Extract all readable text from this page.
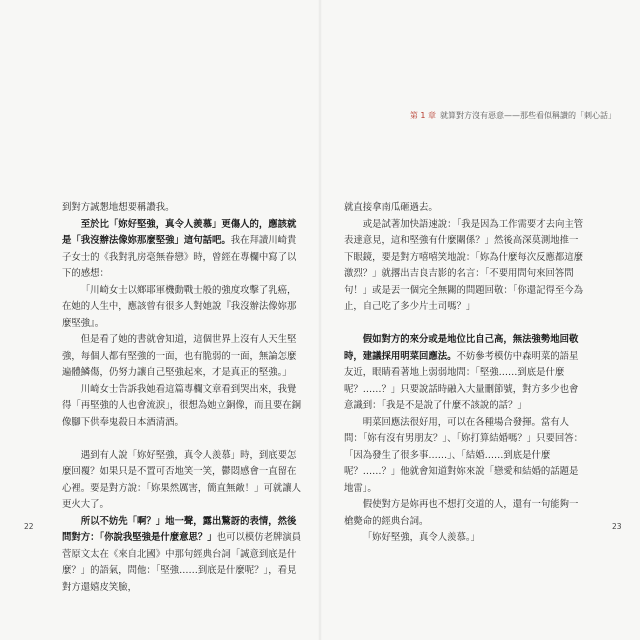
到對方誠懇地想要稱讚我。

至於比「妳好堅強，真令人羨慕」更傷人的，應該就是「我沒辦法像妳那麼堅強」這句話吧。我在拜讀川崎貴子女士的《我對乳房毫無眷戀》時，曾經在專欄中寫了以下的感想：

「川崎女士以鄉耶軍機動戰士般的強度攻擊了乳癌，在她的人生中，應該曾有很多人對她說『我沒辦法像妳那麼堅強』。

但是看了她的書就會知道，這個世界上沒有人天生堅強，每個人都有堅強的一面，也有脆弱的一面，無論怎麼遍體鱗傷，仍努力讓自己堅強起來，才是真正的堅強。」

川崎女士告訴我她看這篇專欄文章看到哭出來，我覺得「再堅強的人也會流淚」，很想為她立銅像，而且要在銅像腳下供奉鬼殺日本酒清酒。

遇到有人說「妳好堅強，真令人羨慕」時，到底要怎麼回覆？如果只是不置可否地笑一笑，鬱悶感會一直留在心裡。要是對方說：「妳果然厲害，簡直無敵！」可就讓人更火大了。

所以不妨先「啊？」地一聲，露出驚訝的表情，然後問對方：「你說我堅強是什麼意思？」也可以模仿老牌演員菅原文太在《來自北國》中那句經典台詞「誠意到底是什麼？」的語氣，問他：「堅強……到底是什麼呢？」，看見對方還嬉皮笑臉，

22
第 1 章 就算對方沒有惡意——那些看似稱讚的「刺心話」

就直接拿南瓜砸過去。

或是試著加快語速說：「我是因為工作需要才去向主管表達意見，這和堅強有什麼關係？」然後高深莫測地推一下眼鏡，要是對方嘻嘻笑地說：「妳為什麼每次反應都這麼激烈？」就撂出吉良吉影的名言：「不要用問句來回答問句！」或是丟一個完全無關的問題回敬：「你還記得至今為止，自己吃了多少片土司嗎？」

假如對方的來分或是地位比自己高，無法強勢地回敬時，建議採用明菜回應法。不妨參考模仿中森明菜的語星友近，眼睛看著地上弱弱地問：「堅強……到底是什麼呢？……？」只要說話時融入大量刪節號，對方多少也會意識到：「我是不是說了什麼不該說的話？」

明菜回應法很好用，可以在各種場合發揮。當有人問：「妳有沒有男朋友？」、「妳打算結婚嗎？」只要回答：「因為發生了很多事……」、「結婚……到底是什麼呢？……？」他就會知道對妳來說「戀愛和結婚的話題是地雷」。

假使對方是妳再也不想打交道的人，還有一句能夠一槍斃命的經典台詞。

「妳好堅強，真令人羨慕。」

23
